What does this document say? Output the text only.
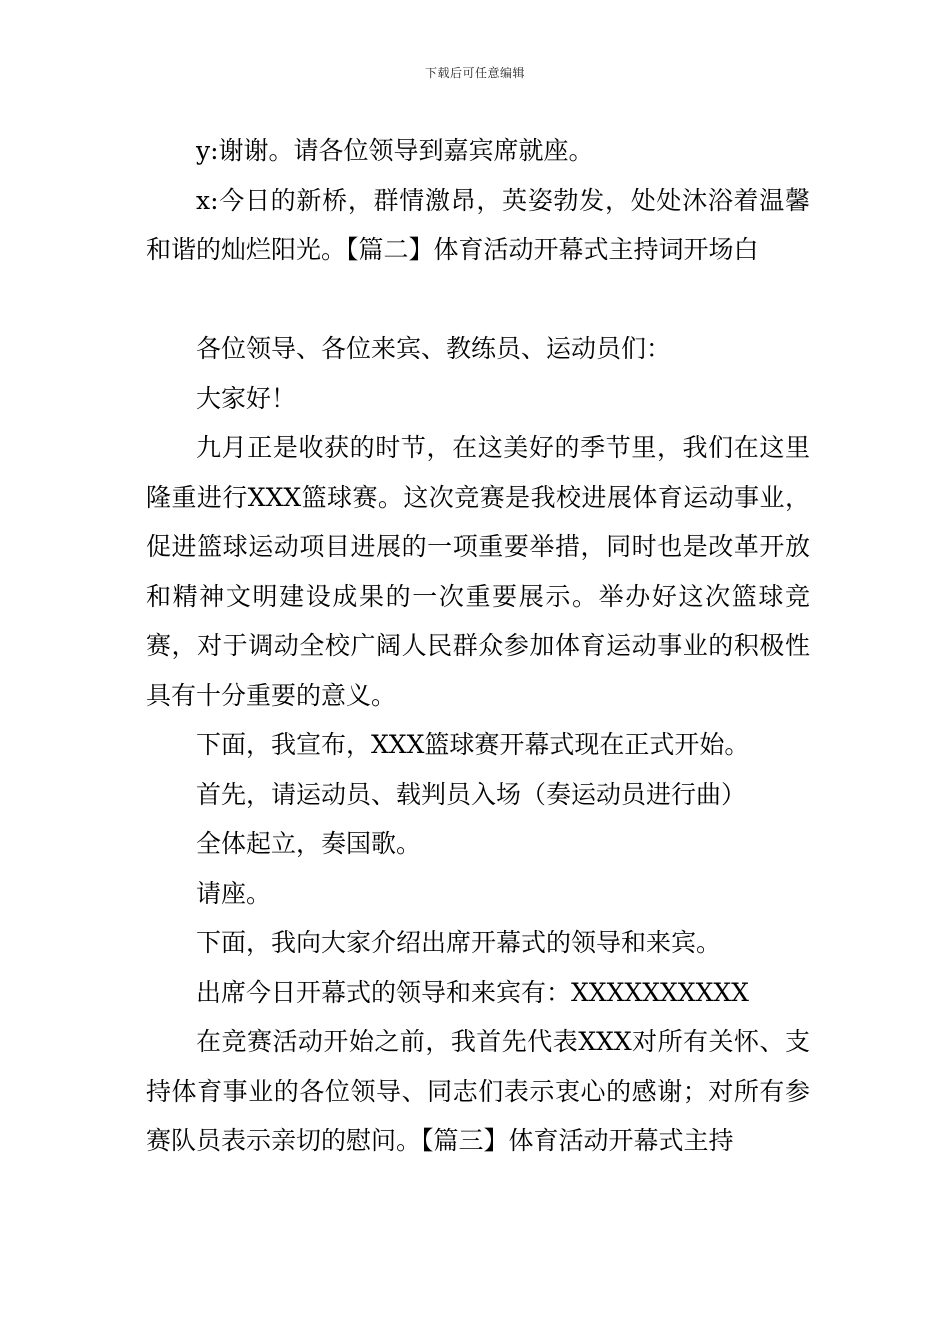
下载后可任意编辑

y:谢谢。请各位领导到嘉宾席就座。

x:今日的新桥，群情激昂，英姿勃发，处处沐浴着温馨和谐的灿烂阳光。【篇二】体育活动开幕式主持词开场白

各位领导、各位来宾、教练员、运动员们：

大家好！

九月正是收获的时节，在这美好的季节里，我们在这里隆重进行XXX篮球赛。这次竞赛是我校进展体育运动事业，促进篮球运动项目进展的一项重要举措，同时也是改革开放和精神文明建设成果的一次重要展示。举办好这次篮球竞赛，对于调动全校广阔人民群众参加体育运动事业的积极性具有十分重要的意义。

下面，我宣布，XXX篮球赛开幕式现在正式开始。

首先，请运动员、载判员入场（奏运动员进行曲）

全体起立，奏国歌。

请座。

下面，我向大家介绍出席开幕式的领导和来宾。

出席今日开幕式的领导和来宾有：XXXXXXXXXX

在竞赛活动开始之前，我首先代表XXX对所有关怀、支持体育事业的各位领导、同志们表示衷心的感谢；对所有参赛队员表示亲切的慰问。【篇三】体育活动开幕式主持
